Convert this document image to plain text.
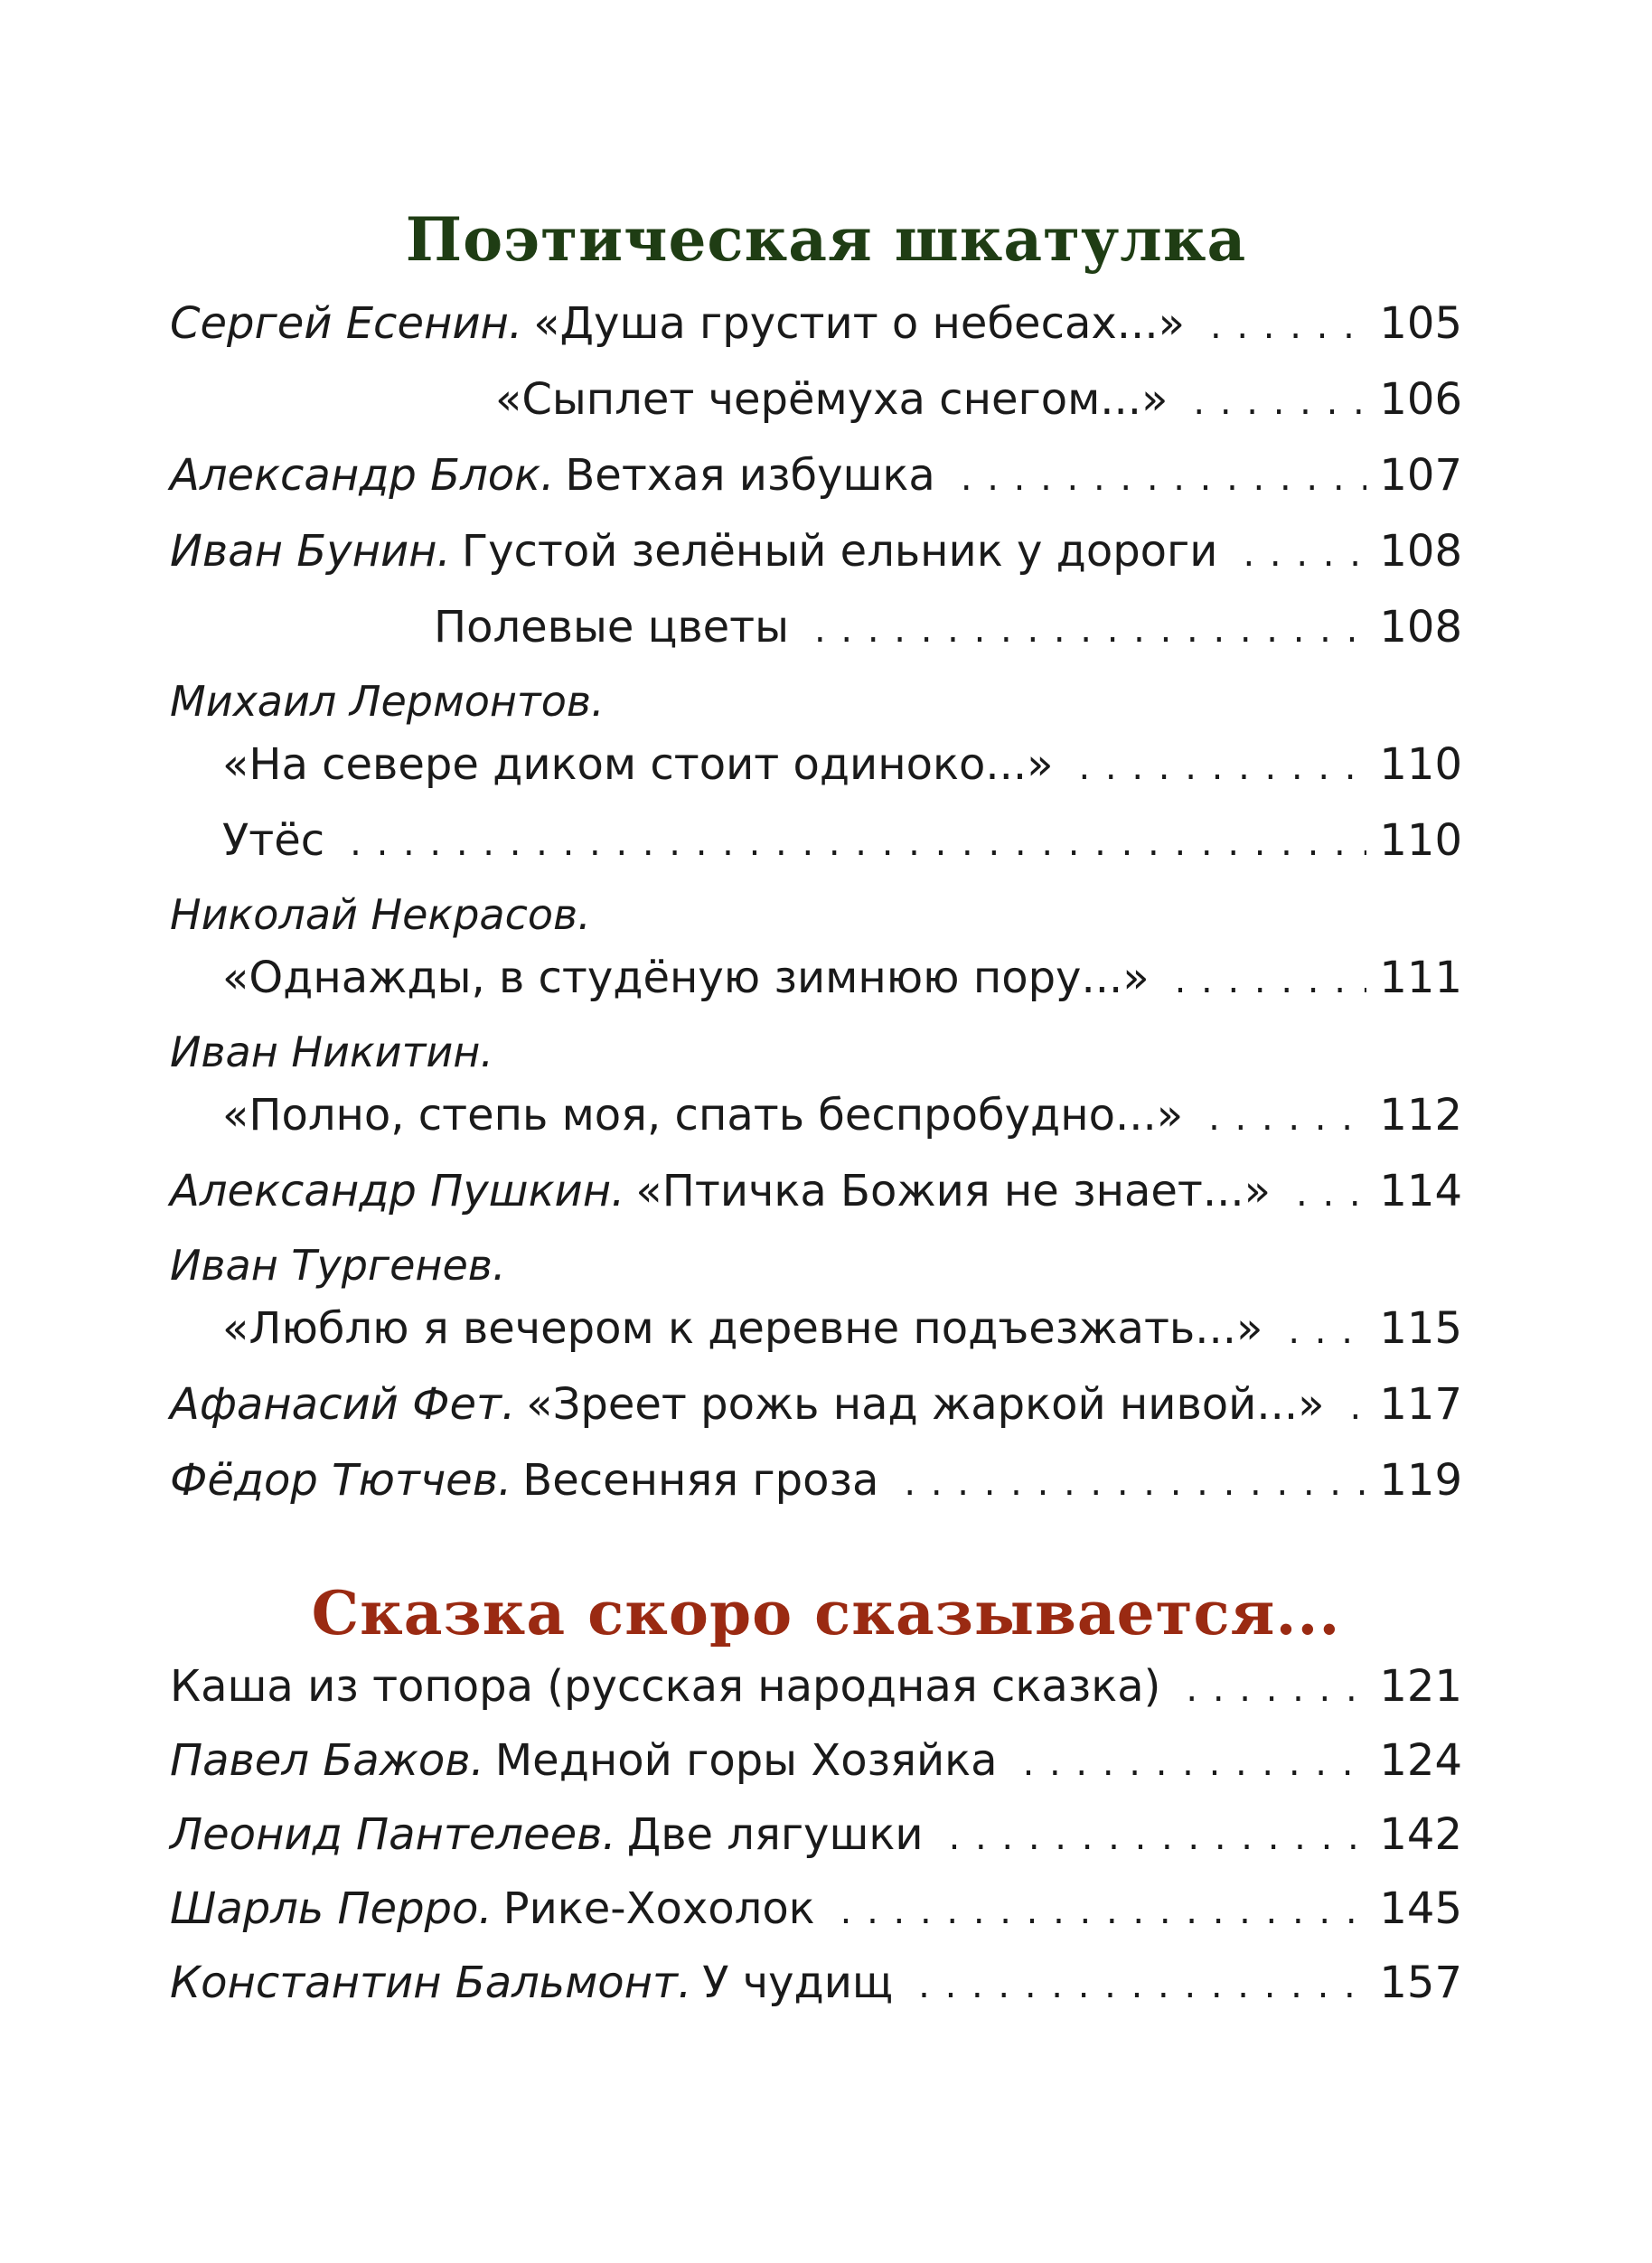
Поэтическая шкатулка
Сергей Есенин. «Душа грустит о небесах...» . . .	105
«Сыплет черёмуха снегом...» . . .	106
Александр Блок. Ветхая избушка . . .	107
Иван Бунин. Густой зелёный ельник у дороги . . .	108
Полевые цветы . . .	108
Михаил Лермонтов.
«На севере диком стоит одиноко...» . . .	110
Утёс . . .	110
Николай Некрасов.
«Однажды, в студёную зимнюю пору...» . . .	111
Иван Никитин.
«Полно, степь моя, спать беспробудно...» . . .	112
Александр Пушкин. «Птичка Божия не знает...» . . .	114
Иван Тургенев.
«Люблю я вечером к деревне подъезжать...» . . .	115
Афанасий Фет. «Зреет рожь над жаркой нивой...» . . . 117
Фёдор Тютчев. Весенняя гроза . . .	119
Сказка скоро сказывается...
Каша из топора (русская народная сказка) . . .	121
Павел Бажов. Медной горы Хозяйка . . .	124
Леонид Пантелеев. Две лягушки . . .	142
Шарль Перро. Рике-Хохолок . . .	145
Константин Бальмонт. У чудищ . . .	157
